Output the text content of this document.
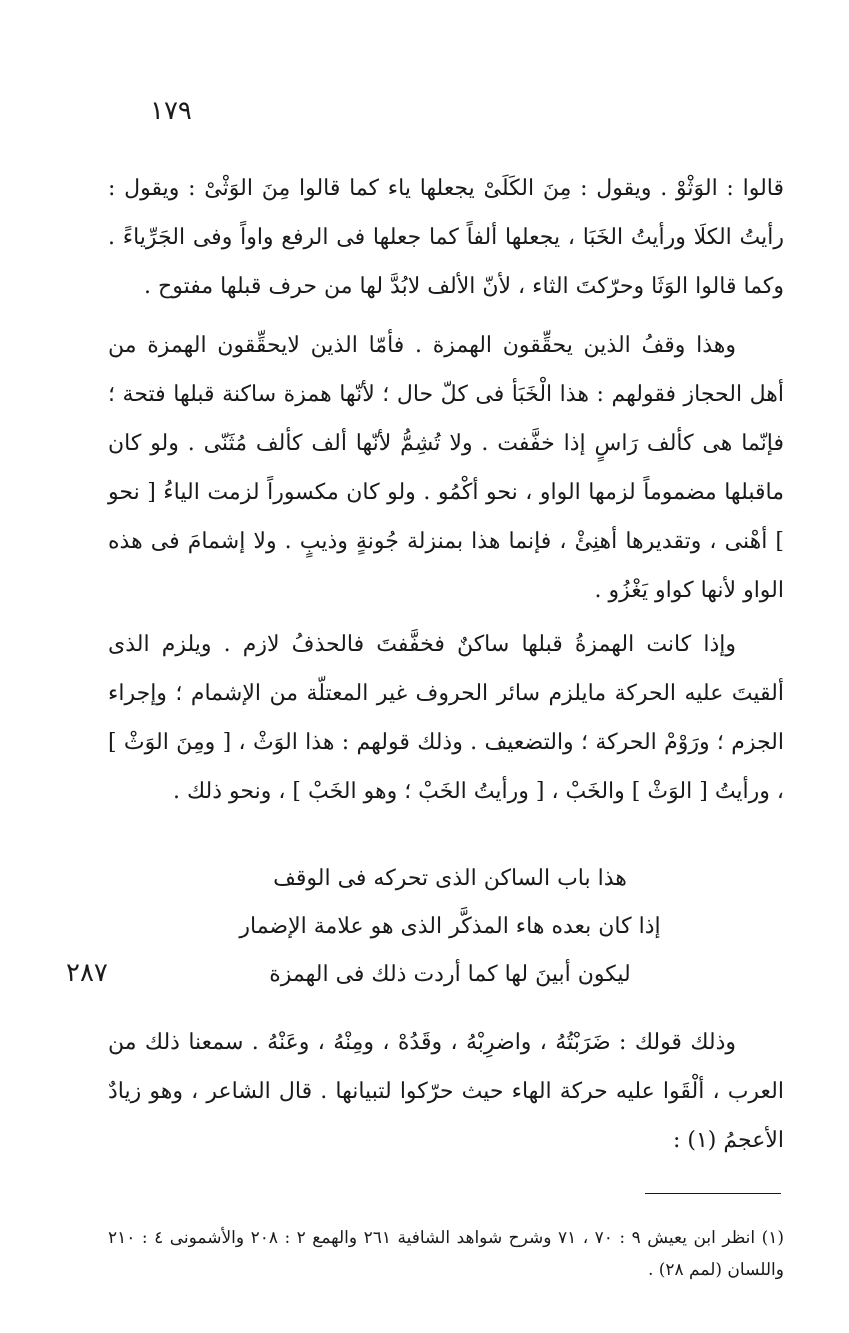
١٧٩
قالوا : الوَثْوْ . ويقول : مِنَ الكَلَىْ يجعلها ياء كما قالوا مِنَ الوَثْىْ : ويقول : رأيتُ الكلَا ورأيتُ الخَبَا ، يجعلها ألفاً كما جعلها فى الرفع واواً وفى الجَرِّياءً . وكما قالوا الوَثَا وحرّكتَ الثاء ، لأنّ الألف لابُدَّ لها من حرف قبلها مفتوح .
وهذا وقفُ الذين يحقِّقون الهمزة . فأمّا الذين لايحقِّقون الهمزة من أهل الحجاز فقولهم : هذا الْخَبَأ فى كلّ حال ؛ لأنّها همزة ساكنة قبلها فتحة ؛ فإنّما هى كألف رَاسٍ إذا خفَّفت . ولا تُشِمُّ لأنّها ألف كألف مُثَنّى . ولو كان ماقبلها مضموماً لزمها الواو ، نحو أكْمُو . ولو كان مكسوراً لزمت الياءُ [ نحو ] أهْنى ، وتقديرها أهنِئْ ، فإنما هذا بمنزلة جُونةٍ وذيبٍ . ولا إشمامَ فى هذه الواو لأنها كواو يَغْزُو .
وإذا كانت الهمزةُ قبلها ساكنٌ فخفَّفتَ فالحذفُ لازم . ويلزم الذى ألقيتَ عليه الحركة مايلزم سائر الحروف غير المعتلّة من الإشمام ؛ وإجراء الجزم ؛ ورَوْمْ الحركة ؛ والتضعيف . وذلك قولهم : هذا الوَثْ ، [ ومِنَ الوَثْ ] ، ورأيتُ [ الوَثْ ] والخَبْ ، [ ورأيتُ الخَبْ ؛ وهو الخَبْ ] ، ونحو ذلك .
هذا باب الساكن الذى تحركه فى الوقف
إذا كان بعده هاء المذكَّر الذى هو علامة الإضمار
ليكون أبينَ لها كما أردت ذلك فى الهمزة
٢٨٧
وذلك قولك : ضَرَبْتُهُ ، واضرِبْهُ ، وقَدُهْ ، ومِنْهُ ، وعَنْهُ . سمعنا ذلك من العرب ، ألْقَوا عليه حركة الهاء حيث حرّكوا لتبيانها . قال الشاعر ، وهو زيادٌ الأعجمُ (١) :
(١) انظر ابن يعيش ٩ : ٧٠ ، ٧١ وشرح شواهد الشافية ٢٦١ والهمع ٢ : ٢٠٨ والأشمونى ٤ : ٢١٠ واللسان (لمم ٢٨) .
